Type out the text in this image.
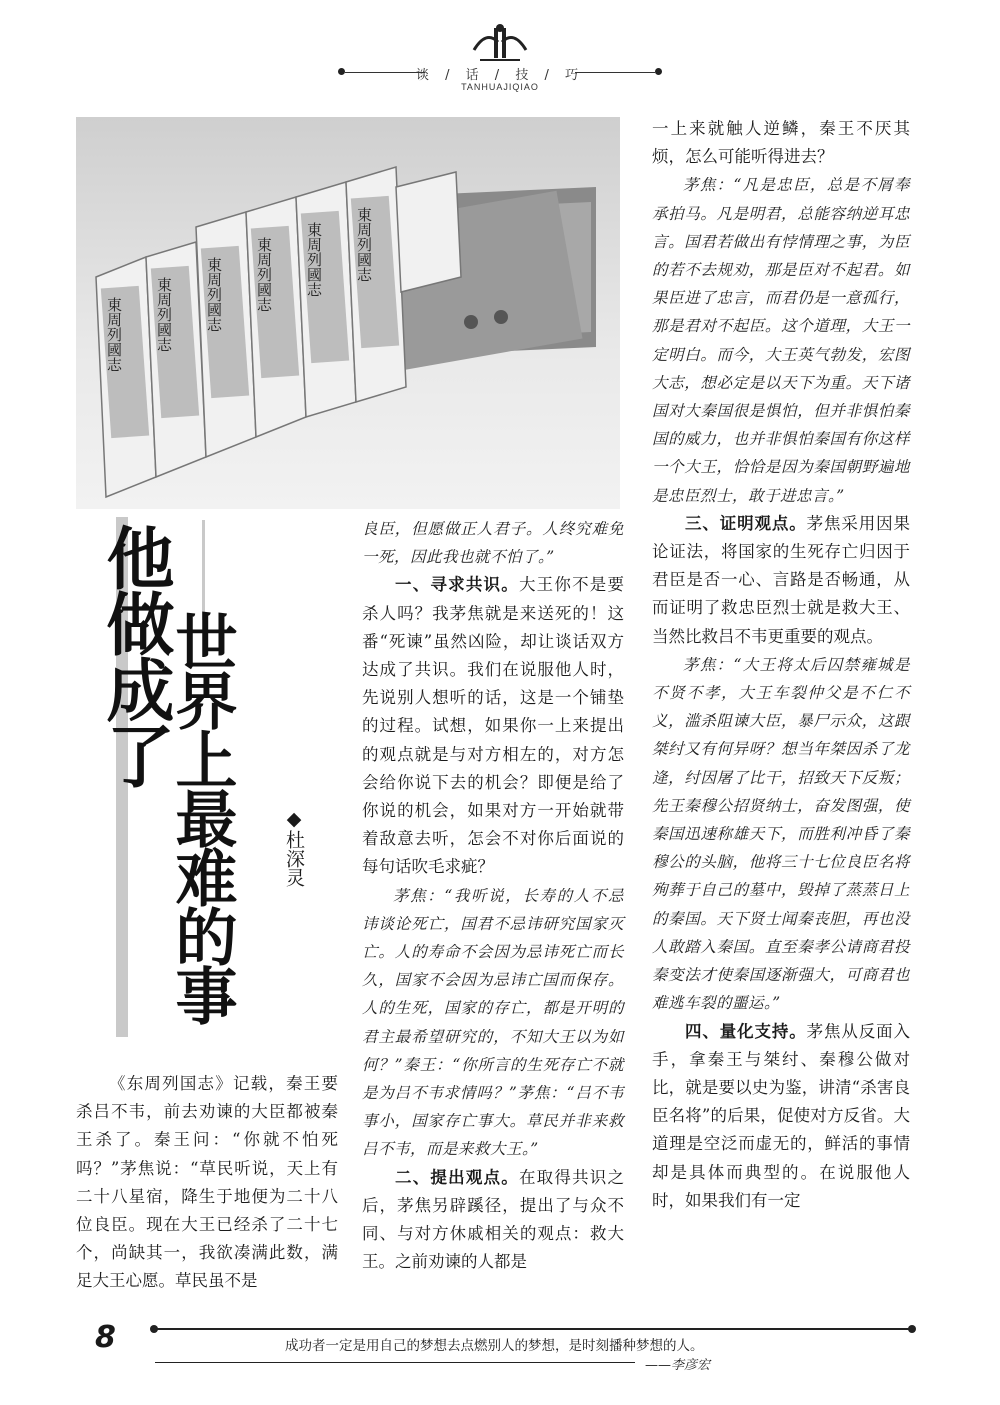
谈 / 话 / 技 / 巧
TANHUAJIQIAO
東周列國志 東周列國志 東周列國志 東周列國志 東周列國志 東周列國志
他做成了
世界上最难的事 ◆杜深灵

《东周列国志》记载，秦王要杀吕不韦，前去劝谏的大臣都被秦王杀了。秦王问：“你就不怕死吗？”茅焦说：“草民听说，天上有二十八星宿，降生于地便为二十八位良臣。现在大王已经杀了二十七个，尚缺其一，我欲凑满此数，满足大王心愿。草民虽不是

良臣，但愿做正人君子。人终究难免一死，因此我也就不怕了。”

一、寻求共识。大王你不是要杀人吗？我茅焦就是来送死的！这番“死谏”虽然凶险，却让谈话双方达成了共识。我们在说服他人时，先说别人想听的话，这是一个铺垫的过程。试想，如果你一上来提出的观点就是与对方相左的，对方怎会给你说下去的机会？即便是给了你说的机会，如果对方一开始就带着敌意去听，怎会不对你后面说的每句话吹毛求疵？

茅焦：“我听说，长寿的人不忌讳谈论死亡，国君不忌讳研究国家灭亡。人的寿命不会因为忌讳死亡而长久，国家不会因为忌讳亡国而保存。人的生死，国家的存亡，都是开明的君主最希望研究的，不知大王以为如何？”秦王：“你所言的生死存亡不就是为吕不韦求情吗？”茅焦：“吕不韦事小，国家存亡事大。草民并非来救吕不韦，而是来救大王。”

二、提出观点。在取得共识之后，茅焦另辟蹊径，提出了与众不同、与对方休戚相关的观点：救大王。之前劝谏的人都是

一上来就触人逆鳞，秦王不厌其烦，怎么可能听得进去？

茅焦：“凡是忠臣，总是不屑奉承拍马。凡是明君，总能容纳逆耳忠言。国君若做出有悖情理之事，为臣的若不去规劝，那是臣对不起君。如果臣进了忠言，而君仍是一意孤行，那是君对不起臣。这个道理，大王一定明白。而今，大王英气勃发，宏图大志，想必定是以天下为重。天下诸国对大秦国很是惧怕，但并非惧怕秦国的威力，也并非惧怕秦国有你这样一个大王，恰恰是因为秦国朝野遍地是忠臣烈士，敢于进忠言。”

三、证明观点。茅焦采用因果论证法，将国家的生死存亡归因于君臣是否一心、言路是否畅通，从而证明了救忠臣烈士就是救大王、当然比救吕不韦更重要的观点。

茅焦：“大王将太后囚禁雍城是不贤不孝，大王车裂仲父是不仁不义，滥杀阻谏大臣，暴尸示众，这跟桀纣又有何异呀？想当年桀因杀了龙逄，纣因屠了比干，招致天下反叛；先王秦穆公招贤纳士，奋发图强，使秦国迅速称雄天下，而胜利冲昏了秦穆公的头脑，他将三十七位良臣名将殉葬于自己的墓中，毁掉了蒸蒸日上的秦国。天下贤士闻秦丧胆，再也没人敢踏入秦国。直至秦孝公请商君投秦变法才使秦国逐渐强大，可商君也难逃车裂的噩运。”

四、量化支持。茅焦从反面入手，拿秦王与桀纣、秦穆公做对比，就是要以史为鉴，讲清“杀害良臣名将”的后果，促使对方反省。大道理是空泛而虚无的，鲜活的事情却是具体而典型的。在说服他人时，如果我们有一定

8	成功者一定是用自己的梦想去点燃别人的梦想，是时刻播种梦想的人。
——李彦宏
